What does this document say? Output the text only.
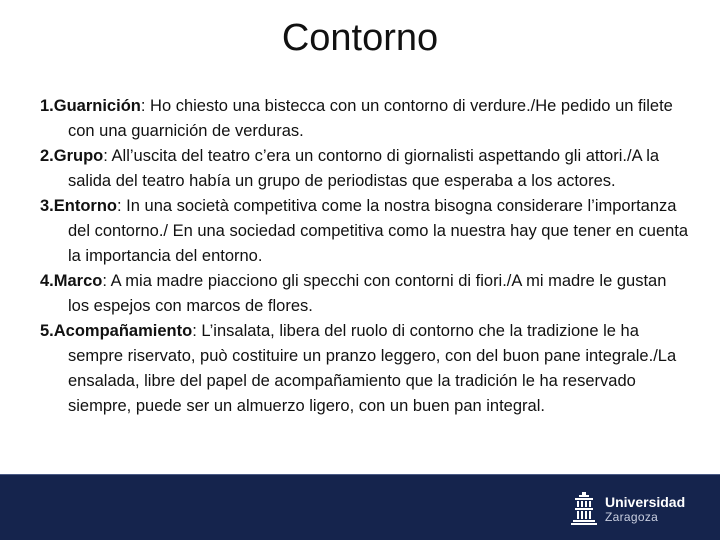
Contorno

1.Guarnición: Ho chiesto una bistecca con un contorno di verdure./He pedido un filete con una guarnición de verduras.

2.Grupo: All’uscita del teatro c’era un contorno di giornalisti aspettando gli attori./A la salida del teatro había un grupo de periodistas que esperaba a los actores.

3.Entorno: In una società competitiva come la nostra bisogna considerare l’importanza del contorno./ En una sociedad competitiva como la nuestra hay que tener en cuenta la importancia del entorno.

4.Marco: A mia madre piacciono gli specchi con contorni di fiori./A mi madre le gustan los espejos con marcos de flores.

5.Acompañamiento: L’insalata, libera del ruolo di contorno che la tradizione le ha sempre riservato, può costituire un pranzo leggero, con del buon pane integrale./La ensalada, libre del papel de acompañamiento que la tradición le ha reservado siempre, puede ser un almuerzo ligero, con un buen pan integral.

Universidad
Zaragoza
